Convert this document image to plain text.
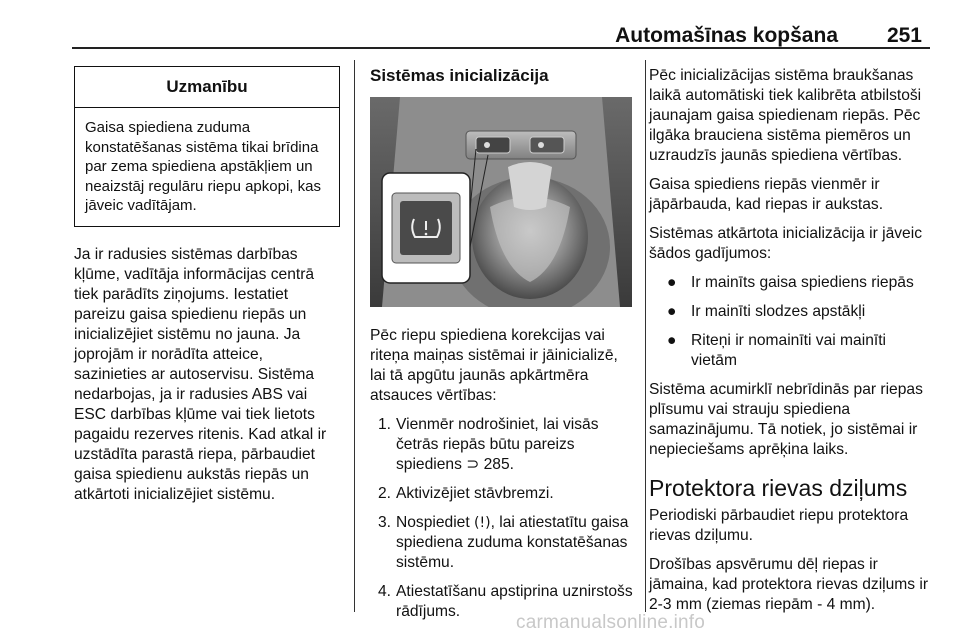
Automašīnas kopšana 251
Uzmanību
Gaisa spiediena zuduma konstatēšanas sistēma tikai brīdina par zema spiediena apstākļiem un neaizstāj regulāru riepu apkopi, kas jāveic vadītājam.

Ja ir radusies sistēmas darbības kļūme, vadītāja informācijas centrā tiek parādīts ziņojums. Iestatiet pareizu gaisa spiedienu riepās un inicializējiet sistēmu no jauna. Ja joprojām ir norādīta atteice, sazinieties ar autoservisu. Sistēma nedarbojas, ja ir radusies ABS vai ESC darbības kļūme vai tiek lietots pagaidu rezerves ritenis. Kad atkal ir uzstādīta parastā riepa, pārbaudiet gaisa spiedienu aukstās riepās un atkārtoti inicializējiet sistēmu.

Sistēmas inicializācija

Pēc riepu spiediena korekcijas vai riteņa maiņas sistēmai ir jāinicializē, lai tā apgūtu jaunās apkārtmēra atsauces vērtības:

1. Vienmēr nodrošiniet, lai visās četrās riepās būtu pareizs spiediens ⊃ 285.
2. Aktivizējiet stāvbremzi.
3. Nospiediet (!), lai atiestatītu gaisa spiediena zuduma konstatēšanas sistēmu.
4. Atiestatīšanu apstiprina uznirstošs rādījums.

Pēc inicializācijas sistēma braukšanas laikā automātiski tiek kalibrēta atbilstoši jaunajam gaisa spiedienam riepās. Pēc ilgāka brauciena sistēma piemēros un uzraudzīs jaunās spiediena vērtības.

Gaisa spiediens riepās vienmēr ir jāpārbauda, kad riepas ir aukstas.

Sistēmas atkārtota inicializācija ir jāveic šādos gadījumos:

● Ir mainīts gaisa spiediens riepās
● Ir mainīti slodzes apstākļi
● Riteņi ir nomainīti vai mainīti vietām

Sistēma acumirklī nebrīdinās par riepas plīsumu vai strauju spiediena samazinājumu. Tā notiek, jo sistēmai ir nepieciešams aprēķina laiks.

Protektora rievas dziļums

Periodiski pārbaudiet riepu protektora rievas dziļumu.

Drošības apsvērumu dēļ riepas ir jāmaina, kad protektora rievas dziļums ir 2-3 mm (ziemas riepām - 4 mm).

carmanualsonline.info
